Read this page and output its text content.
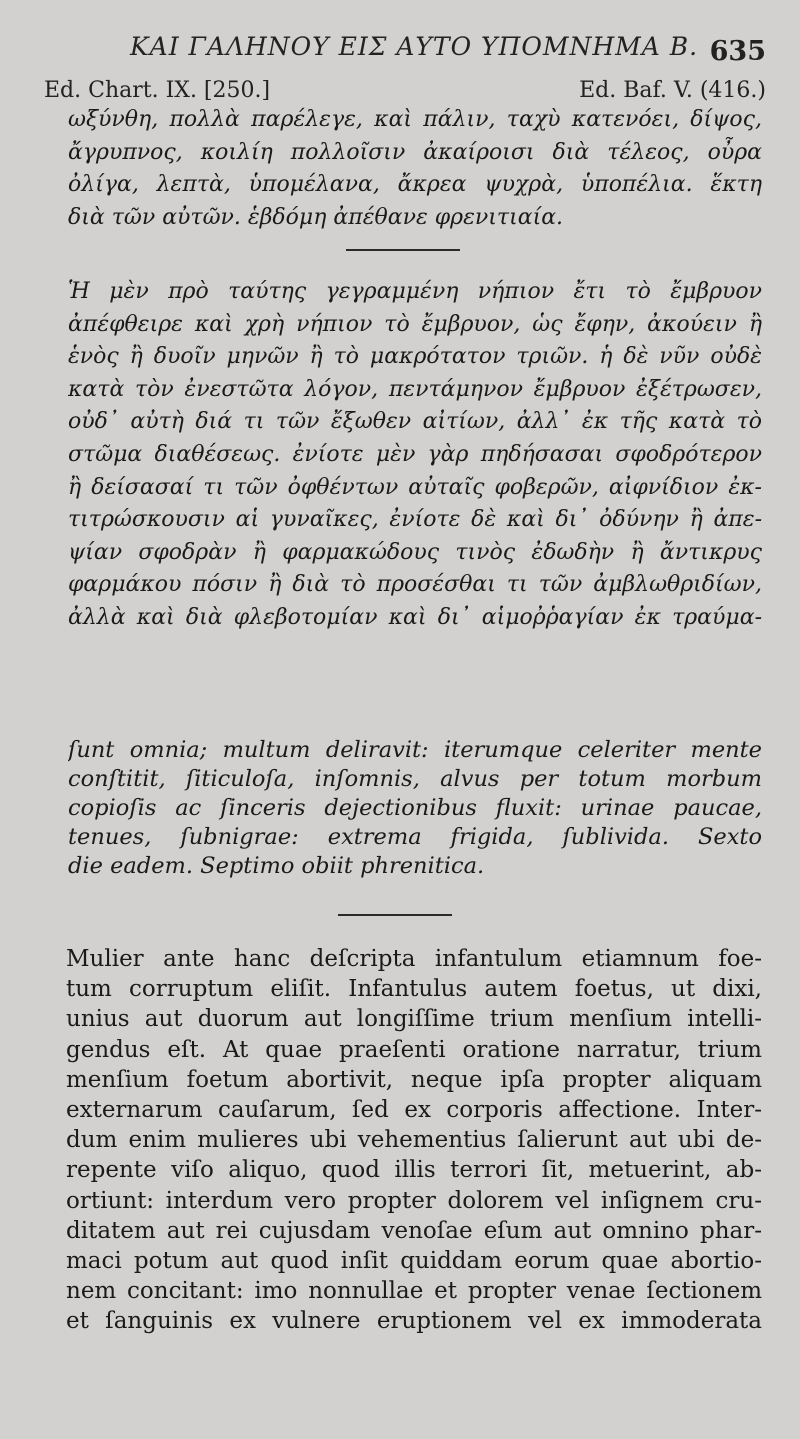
ΚΑΙ ΓΑΛΗΝΟΥ ΕΙΣ ΑΥΤΟ ΥΠΟΜΝΗΜΑ Β. 635
Ed. Chart. IX. [250.]	Ed. Baf. V. (416.)
ωξύνθη, πολλὰ παρέλεγε, καὶ πάλιν, ταχὺ κατενόει, δίψος,
ἄγρυπνος, κοιλίη πολλοῖσιν ἀκαίροισι διὰ τέλεος, οὖρα
ὀλίγα, λεπτὰ, ὑπομέλανα, ἄκρεα ψυχρὰ, ὑποπέλια. ἕκτη
διὰ τῶν αὐτῶν. ἑβδόμη ἀπέθανε φρενιτιαία.
Ἡ μὲν πρὸ ταύτης γεγραμμένη νήπιον ἔτι τὸ ἔμβρυον
ἀπέφθειρε καὶ χρὴ νήπιον τὸ ἔμβρυον, ὡς ἔφην, ἀκούειν ἢ
ἑνὸς ἢ δυοῖν μηνῶν ἢ τὸ μακρότατον τριῶν. ἡ δὲ νῦν οὐδὲ
κατὰ τὸν ἐνεστῶτα λόγον, πεντάμηνον ἔμβρυον ἐξέτρωσεν,
οὐδ᾽ αὐτὴ διά τι τῶν ἔξωθεν αἰτίων, ἀλλ᾽ ἐκ τῆς κατὰ τὸ
στῶμα διαθέσεως. ἐνίοτε μὲν γὰρ πηδήσασαι σφοδρότερον
ἢ δείσασαί τι τῶν ὀφθέντων αὐταῖς φοβερῶν, αἰφνίδιον ἐκ-
τιτρώσκουσιν αἱ γυναῖκες, ἐνίοτε δὲ καὶ δι᾽ ὀδύνην ἢ ἀπε-
ψίαν σφοδρὰν ἢ φαρμακώδους τινὸς ἐδωδὴν ἢ ἄντικρυς
φαρμάκου πόσιν ἢ διὰ τὸ προσέσθαι τι τῶν ἀμβλωθριδίων,
ἀλλὰ καὶ διὰ φλεβοτομίαν καὶ δι᾽ αἱμοῤῥαγίαν ἐκ τραύμα-
ſunt omnia; multum deliravit: iterumque celeriter mente
conſtitit, ſiticuloſa, inſomnis, alvus per totum morbum
copioſis ac ſinceris dejectionibus fluxit: urinae paucae,
tenues, ſubnigrae: extrema frigida, ſublivida. Sexto
die eadem. Septimo obiit phrenitica.
Mulier ante hanc deſcripta infantulum etiamnum foe-
tum corruptum eliſit. Infantulus autem foetus, ut dixi,
unius aut duorum aut longiſſime trium menſium intelli-
gendus eſt. At quae praeſenti oratione narratur, trium
menſium foetum abortivit, neque ipſa propter aliquam
externarum cauſarum, ſed ex corporis affectione. Inter-
dum enim mulieres ubi vehementius ſalierunt aut ubi de-
repente viſo aliquo, quod illis terrori ſit, metuerint, ab-
ortiunt: interdum vero propter dolorem vel inſignem cru-
ditatem aut rei cujusdam venoſae eſum aut omnino phar-
maci potum aut quod inſit quiddam eorum quae abortio-
nem concitant: imo nonnullae et propter venae ſectionem
et ſanguinis ex vulnere eruptionem vel ex immoderata
